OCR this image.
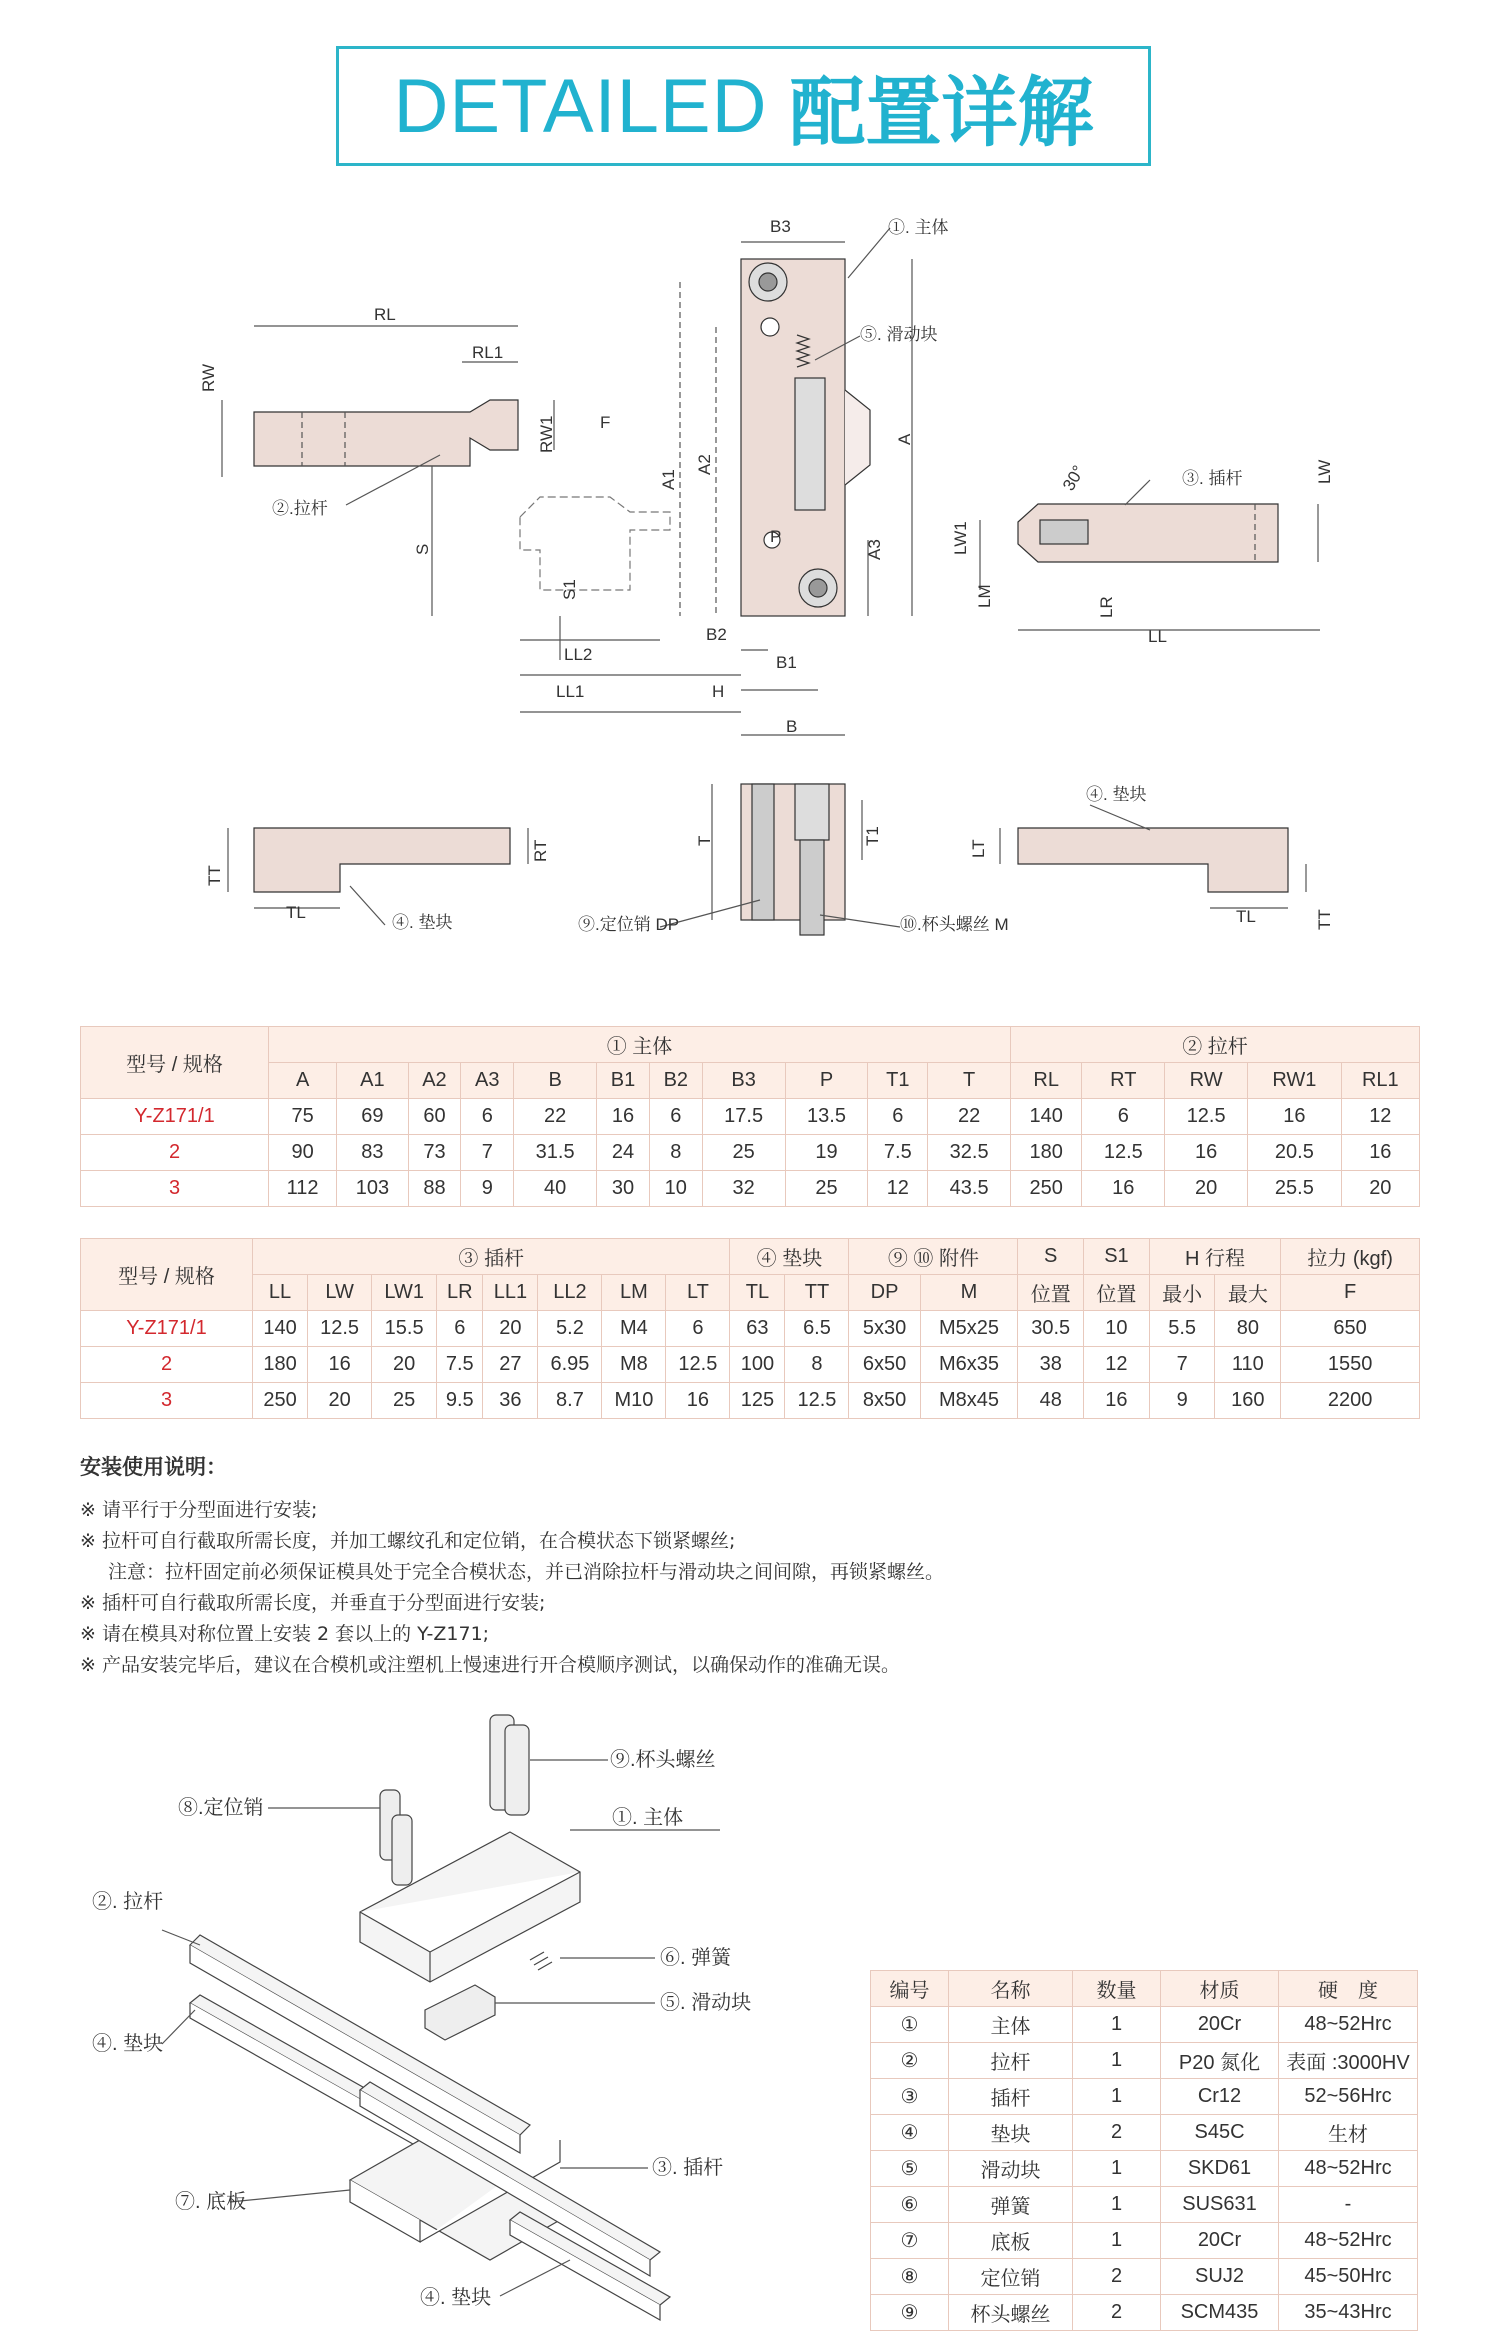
DETAILED 配置详解
B3	①. 主体
⑤. 滑动块
RL
RL1
RW
RW1	F
②.拉杆
S
A1
A2
A
P
A3
S1
LL2
LL1	H
B2
B1
B
30°	③. 插杆	LW
LW1
LM	LR
LL
RT
TT
TL
④. 垫块
T	T1
LT
⑨.定位销 DP	⑩.杯头螺丝 M
④. 垫块
TL	TT
⑨.杯头螺丝
⑧.定位销	①. 主体
②. 拉杆
⑥. 弹簧
⑤. 滑动块
④. 垫块
③. 插杆
⑦. 底板
④. 垫块
型号 / 规格	① 主体											② 拉杆				
	A	A1	A2	A3	B	B1	B2	B3	P	T1	T	RL	RT	RW	RW1	RL1
Y-Z171/1	75	69	60	6	22	16	6	17.5	13.5	6	22	140	6	12.5	16	12
2	90	83	73	7	31.5	24	8	25	19	7.5	32.5	180	12.5	16	20.5	16
3	112	103	88	9	40	30	10	32	25	12	43.5	250	16	20	25.5	20
型号 / 规格	③ 插杆								④ 垫块		⑨ ⑩ 附件		S	S1	H 行程		拉力 (kgf)
	LL	LW	LW1	LR	LL1	LL2	LM	LT	TL	TT	DP	M	位置	位置	最小	最大	F
Y-Z171/1	140	12.5	15.5	6	20	5.2	M4	6	63	6.5	5x30	M5x25	30.5	10	5.5	80	650
2	180	16	20	7.5	27	6.95	M8	12.5	100	8	6x50	M6x35	38	12	7	110	1550
3	250	20	25	9.5	36	8.7	M10	16	125	12.5	8x50	M8x45	48	16	9	160	2200
安装使用说明：
※ 请平行于分型面进行安装;
※ 拉杆可自行截取所需长度，并加工螺纹孔和定位销，在合模状态下锁紧螺丝;
注意：拉杆固定前必须保证模具处于完全合模状态，并已消除拉杆与滑动块之间间隙，再锁紧螺丝。
※ 插杆可自行截取所需长度，并垂直于分型面进行安装;
※ 请在模具对称位置上安装 2 套以上的 Y-Z171;
※ 产品安装完毕后，建议在合模机或注塑机上慢速进行开合模顺序测试，以确保动作的准确无误。
编号	名称	数量	材质	硬　度
①	主体	1	20Cr	48~52Hrc
②	拉杆	1	P20 氮化	表面 :3000HV
③	插杆	1	Cr12	52~56Hrc
④	垫块	2	S45C	生材
⑤	滑动块	1	SKD61	48~52Hrc
⑥	弹簧	1	SUS631	-
⑦	底板	1	20Cr	48~52Hrc
⑧	定位销	2	SUJ2	45~50Hrc
⑨	杯头螺丝	2	SCM435	35~43Hrc
